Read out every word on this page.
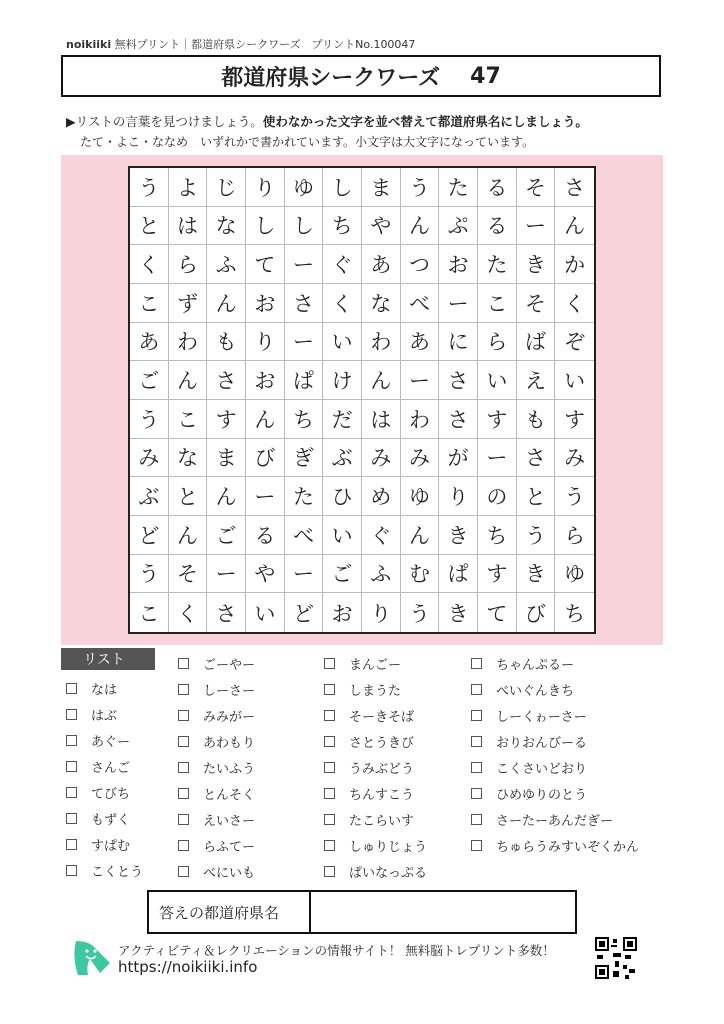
noikiiki 無料プリント｜都道府県シークワーズ　プリントNo.100047
都道府県シークワーズ 47
▶リストの言葉を見つけましょう。使わなかった文字を並べ替えて都道府県名にしましょう。
たて・よこ・ななめ　いずれかで書かれています。小文字は大文字になっています。
う よ じ り ゆ し ま う た る そ さ
と は な し し ち や ん ぷ る ー ん
く ら ふ て ー ぐ あ つ お た き か
こ ず ん お さ く な べ ー こ そ く
あ わ も り ー い わ あ に ら ば ぞ
ご ん さ お ぱ け ん ー さ い え い
う こ す ん ち だ は わ さ す も す
み な ま び ぎ ぶ み み が ー さ み
ぶ と ん ー た ひ め ゆ り の と う
ど ん ご る べ い ぐ ん き ち う ら
う そ ー や ー ご ふ む ぱ す き ゆ
こ く さ い ど お り う き て び ち
リスト
なは
はぶ
あぐー
さんご
てびち
もずく
すぱむ
こくとう
ごーやー
しーさー
みみがー
あわもり
たいふう
とんそく
えいさー
らふてー
べにいも
まんごー
しまうた
そーきそば
さとうきび
うみぶどう
ちんすこう
たこらいす
しゅりじょう
ぱいなっぷる
ちゃんぷるー
べいぐんきち
しーくゎーさー
おりおんびーる
こくさいどおり
ひめゆりのとう
さーたーあんだぎー
ちゅらうみすいぞくかん
答えの都道府県名
アクティビティ＆レクリエーションの情報サイト！ 無料脳トレプリント多数！
https://noikiiki.info
